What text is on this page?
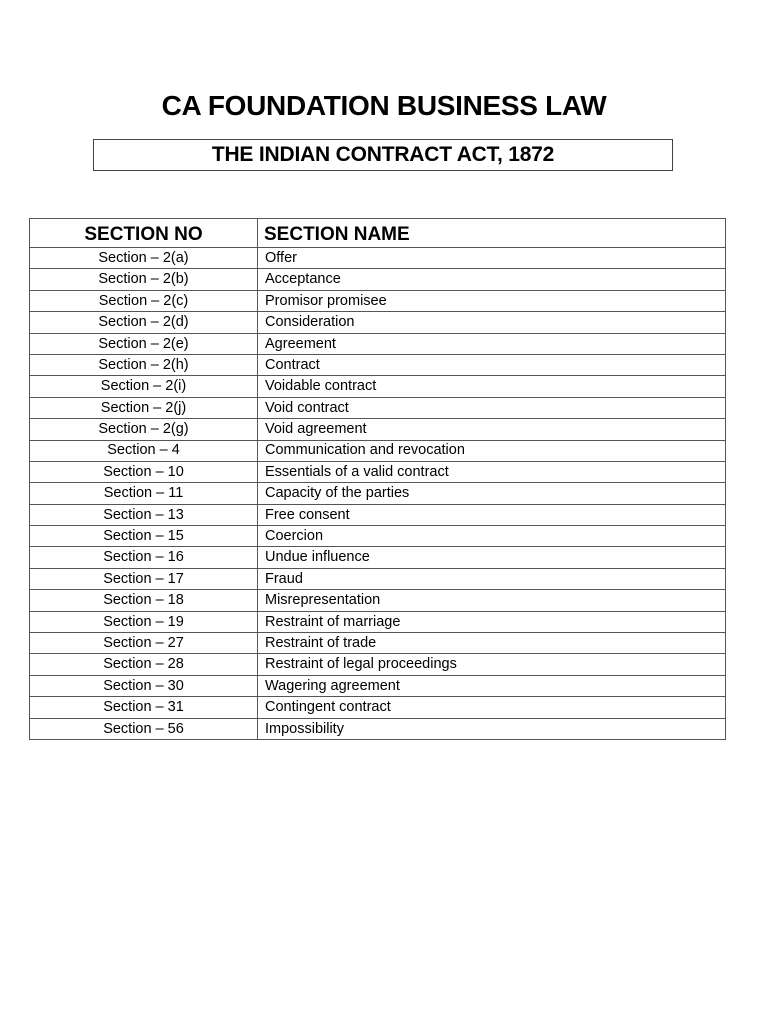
CA FOUNDATION BUSINESS LAW
THE INDIAN CONTRACT ACT, 1872
SECTION NO	SECTION NAME
Section – 2(a)	Offer
Section – 2(b)	Acceptance
Section – 2(c)	Promisor promisee
Section – 2(d)	Consideration
Section – 2(e)	Agreement
Section – 2(h)	Contract
Section – 2(i)	Voidable contract
Section – 2(j)	Void contract
Section – 2(g)	Void agreement
Section – 4	Communication and revocation
Section – 10	Essentials of a valid contract
Section – 11	Capacity of the parties
Section – 13	Free consent
Section – 15	Coercion
Section – 16	Undue influence
Section – 17	Fraud
Section – 18	Misrepresentation
Section – 19	Restraint of marriage
Section – 27	Restraint of trade
Section – 28	Restraint of legal proceedings
Section – 30	Wagering agreement
Section – 31	Contingent contract
Section – 56	Impossibility
